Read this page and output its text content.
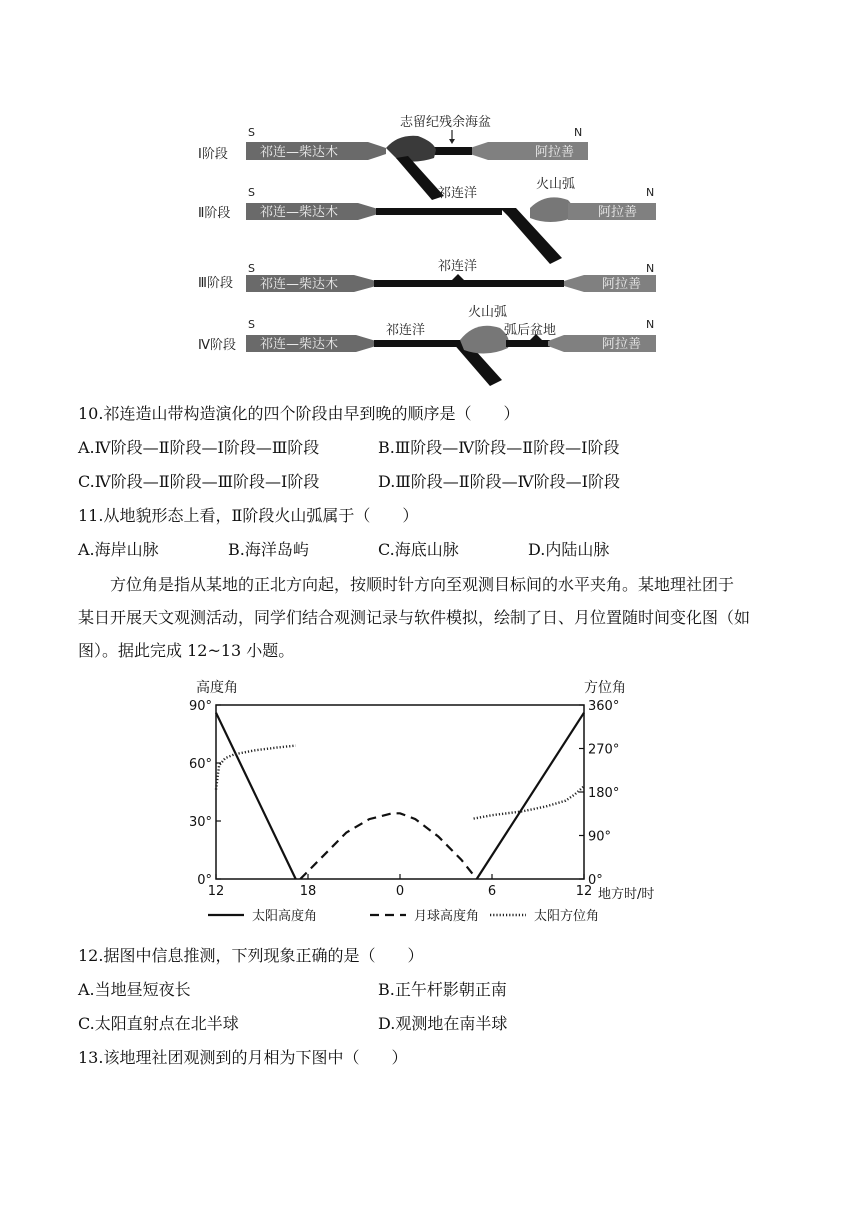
Ⅰ阶段
S	N
祁连—柴达木	阿拉善
志留纪残余海盆
Ⅱ阶段
S	N
祁连—柴达木
祁连洋
火山弧
阿拉善
Ⅲ阶段
S	N
祁连—柴达木
祁连洋
阿拉善
Ⅳ阶段
S	N
祁连—柴达木
祁连洋
火山弧
弧后盆地
阿拉善
10.祁连造山带构造演化的四个阶段由早到晚的顺序是（　　）
A.Ⅳ阶段—Ⅱ阶段—Ⅰ阶段—Ⅲ阶段	B.Ⅲ阶段—Ⅳ阶段—Ⅱ阶段—Ⅰ阶段
C.Ⅳ阶段—Ⅱ阶段—Ⅲ阶段—Ⅰ阶段	D.Ⅲ阶段—Ⅱ阶段—Ⅳ阶段—Ⅰ阶段
11.从地貌形态上看，Ⅱ阶段火山弧属于（　　）
A.海岸山脉	B.海洋岛屿	C.海底山脉	D.内陆山脉
方位角是指从某地的正北方向起，按顺时针方向至观测目标间的水平夹角。某地理社团于
某日开展天文观测活动，同学们结合观测记录与软件模拟，绘制了日、月位置随时间变化图（如
图）。据此完成 12~13 小题。
高度角	方位角
地方时/时
12	18	0	6	12
0°
30°
60°
90°
0°
90°
180°
270°
360°
太阳高度角	月球高度角	太阳方位角
12.据图中信息推测，下列现象正确的是（　　）
A.当地昼短夜长	B.正午杆影朝正南
C.太阳直射点在北半球	D.观测地在南半球
13.该地理社团观测到的月相为下图中（　　）
